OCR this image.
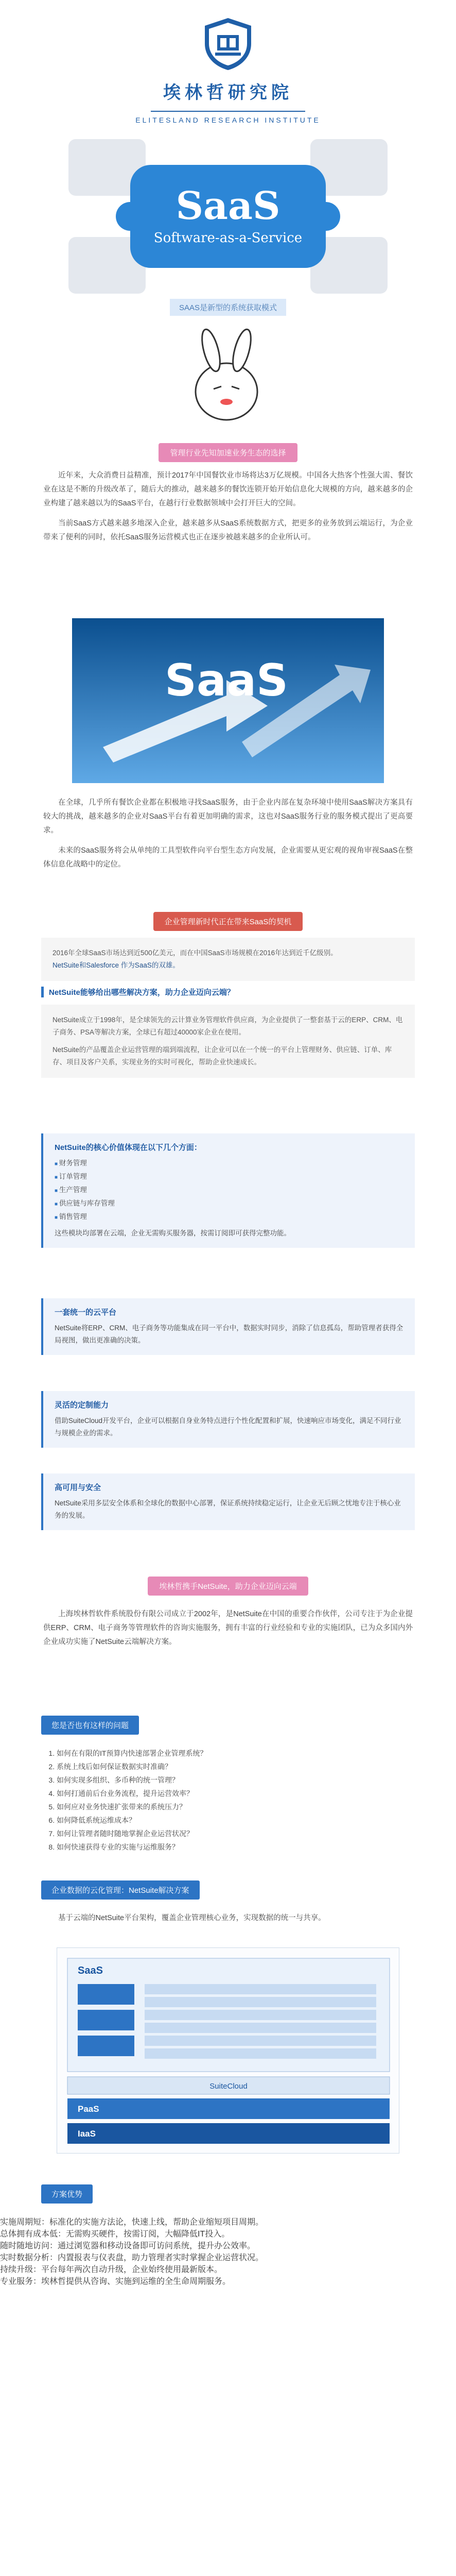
埃林哲研究院
ELITESLAND RESEARCH INSTITUTE
SaaS
Software-as-a-Service
SAAS是新型的系统获取模式
管理行业先知加速业务生态的选择

近年来，大众消费日益精准，预计2017年中国餐饮业市场将达3万亿规模。中国各大热客个性强大需、餐饮业在这是不断的升级改革了，随后大的推动，越来越多的餐饮连锁开始开始信息化大规模的方向，越来越多的企业构建了越来越以为的SaaS平台，在越行行业数据领域中会打开巨大的空间。

当前SaaS方式越来越多地深入企业，越来越多从SaaS系统数据方式，把更多的业务放到云端运行，为企业带来了便利的同时，依托SaaS服务运营模式也正在逐步被越来越多的企业所认可。

SaaS

在全球，几乎所有餐饮企业都在积极地寻找SaaS服务，由于企业内部在复杂环境中使用SaaS解决方案具有较大的挑战，越来越多的企业对SaaS平台有着更加明确的需求，这也对SaaS服务行业的服务模式提出了更高要求。

未来的SaaS服务将会从单纯的工具型软件向平台型生态方向发展，企业需要从更宏观的视角审视SaaS在整体信息化战略中的定位。

企业管理新时代正在带来SaaS的契机
2016年全球SaaS市场达到近500亿美元，而在中国SaaS市场规模在2016年达到近千亿级别。
NetSuite和Salesforce 作为SaaS的双雄。
NetSuite能够给出哪些解决方案，助力企业迈向云端？

NetSuite成立于1998年，是全球领先的云计算业务管理软件供应商，为企业提供了一整套基于云的ERP、CRM、电子商务、PSA等解决方案，全球已有超过40000家企业在使用。

NetSuite的产品覆盖企业运营管理的端到端流程，让企业可以在一个统一的平台上管理财务、供应链、订单、库存、项目及客户关系，实现业务的实时可视化，帮助企业快速成长。

NetSuite的核心价值体现在以下几个方面：
■ 财务管理
■ 订单管理
■ 生产管理
■ 供应链与库存管理
■ 销售管理
这些模块均部署在云端，企业无需购买服务器，按需订阅即可获得完整功能。
一套统一的云平台
NetSuite将ERP、CRM、电子商务等功能集成在同一平台中，数据实时同步，消除了信息孤岛，帮助管理者获得全局视图，做出更准确的决策。
灵活的定制能力
借助SuiteCloud开发平台，企业可以根据自身业务特点进行个性化配置和扩展，快速响应市场变化，满足不同行业与规模企业的需求。
高可用与安全
NetSuite采用多层安全体系和全球化的数据中心部署，保证系统持续稳定运行，让企业无后顾之忧地专注于核心业务的发展。
埃林哲携手NetSuite，助力企业迈向云端

上海埃林哲软件系统股份有限公司成立于2002年，是NetSuite在中国的重要合作伙伴，公司专注于为企业提供ERP、CRM、电子商务等管理软件的咨询实施服务，拥有丰富的行业经验和专业的实施团队，已为众多国内外企业成功实施了NetSuite云端解决方案。

您是否也有这样的问题
1. 如何在有限的IT预算内快速部署企业管理系统？
2. 系统上线后如何保证数据实时准确？
3. 如何实现多组织、多币种的统一管理？
4. 如何打通前后台业务流程，提升运营效率？
5. 如何应对业务快速扩张带来的系统压力？
6. 如何降低系统运维成本？
7. 如何让管理者随时随地掌握企业运营状况？
8. 如何快速获得专业的实施与运维服务？
企业数据的云化管理：NetSuite解决方案

基于云端的NetSuite平台架构，覆盖企业管理核心业务，实现数据的统一与共享。

SaaS
SuiteCloud
PaaS
IaaS
方案优势
• 实施周期短：标准化的实施方法论，快速上线，帮助企业缩短项目周期。
• 总体拥有成本低：无需购买硬件，按需订阅，大幅降低IT投入。
• 随时随地访问：通过浏览器和移动设备即可访问系统，提升办公效率。
• 实时数据分析：内置报表与仪表盘，助力管理者实时掌握企业运营状况。
• 持续升级：平台每年两次自动升级，企业始终使用最新版本。
• 专业服务：埃林哲提供从咨询、实施到运维的全生命周期服务。
